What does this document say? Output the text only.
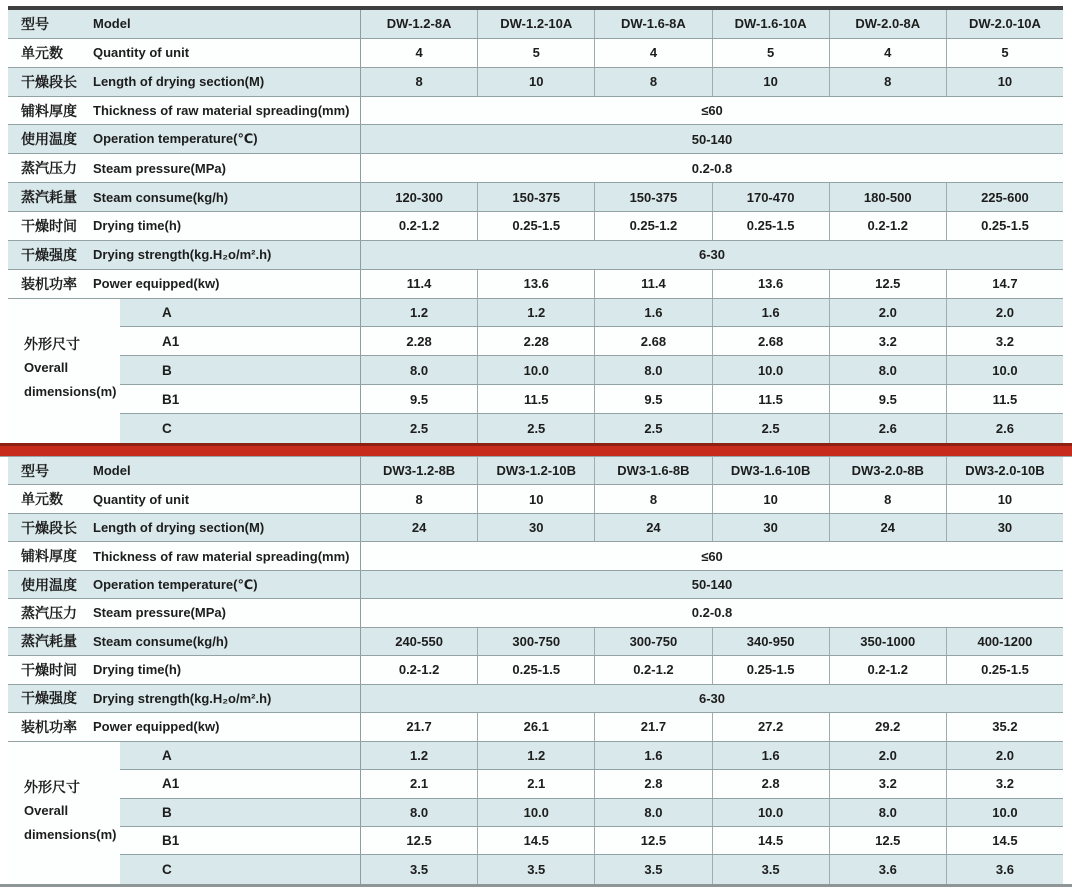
型号	Model	DW-1.2-8A	DW-1.2-10A	DW-1.6-8A	DW-1.6-10A	DW-2.0-8A	DW-2.0-10A
单元数	Quantity of unit	4	5	4	5	4	5
干燥段长	Length of drying section(M)	8	10	8	10	8	10
铺料厚度	Thickness of raw material spreading(mm)	≤60
使用温度	Operation temperature(℃)	50-140
蒸汽压力	Steam pressure(MPa)	0.2-0.8
蒸汽耗量	Steam consume(kg/h)	120-300	150-375	150-375	170-470	180-500	225-600
干燥时间	Drying time(h)	0.2-1.2	0.25-1.5	0.25-1.2	0.25-1.5	0.2-1.2	0.25-1.5
干燥强度	Drying strength(kg.H₂o/m².h)	6-30
装机功率	Power equipped(kw)	11.4	13.6	11.4	13.6	12.5	14.7
外形尺寸
Overall
dimensions(m)
A	1.2	1.2	1.6	1.6	2.0	2.0
A1	2.28	2.28	2.68	2.68	3.2	3.2
B	8.0	10.0	8.0	10.0	8.0	10.0
B1	9.5	11.5	9.5	11.5	9.5	11.5
C	2.5	2.5	2.5	2.5	2.6	2.6
型号	Model	DW3-1.2-8B	DW3-1.2-10B	DW3-1.6-8B	DW3-1.6-10B	DW3-2.0-8B	DW3-2.0-10B
单元数	Quantity of unit	8	10	8	10	8	10
干燥段长	Length of drying section(M)	24	30	24	30	24	30
铺料厚度	Thickness of raw material spreading(mm)	≤60
使用温度	Operation temperature(℃)	50-140
蒸汽压力	Steam pressure(MPa)	0.2-0.8
蒸汽耗量	Steam consume(kg/h)	240-550	300-750	300-750	340-950	350-1000	400-1200
干燥时间	Drying time(h)	0.2-1.2	0.25-1.5	0.2-1.2	0.25-1.5	0.2-1.2	0.25-1.5
干燥强度	Drying strength(kg.H₂o/m².h)	6-30
装机功率	Power equipped(kw)	21.7	26.1	21.7	27.2	29.2	35.2
外形尺寸
Overall
dimensions(m)
A	1.2	1.2	1.6	1.6	2.0	2.0
A1	2.1	2.1	2.8	2.8	3.2	3.2
B	8.0	10.0	8.0	10.0	8.0	10.0
B1	12.5	14.5	12.5	14.5	12.5	14.5
C	3.5	3.5	3.5	3.5	3.6	3.6
